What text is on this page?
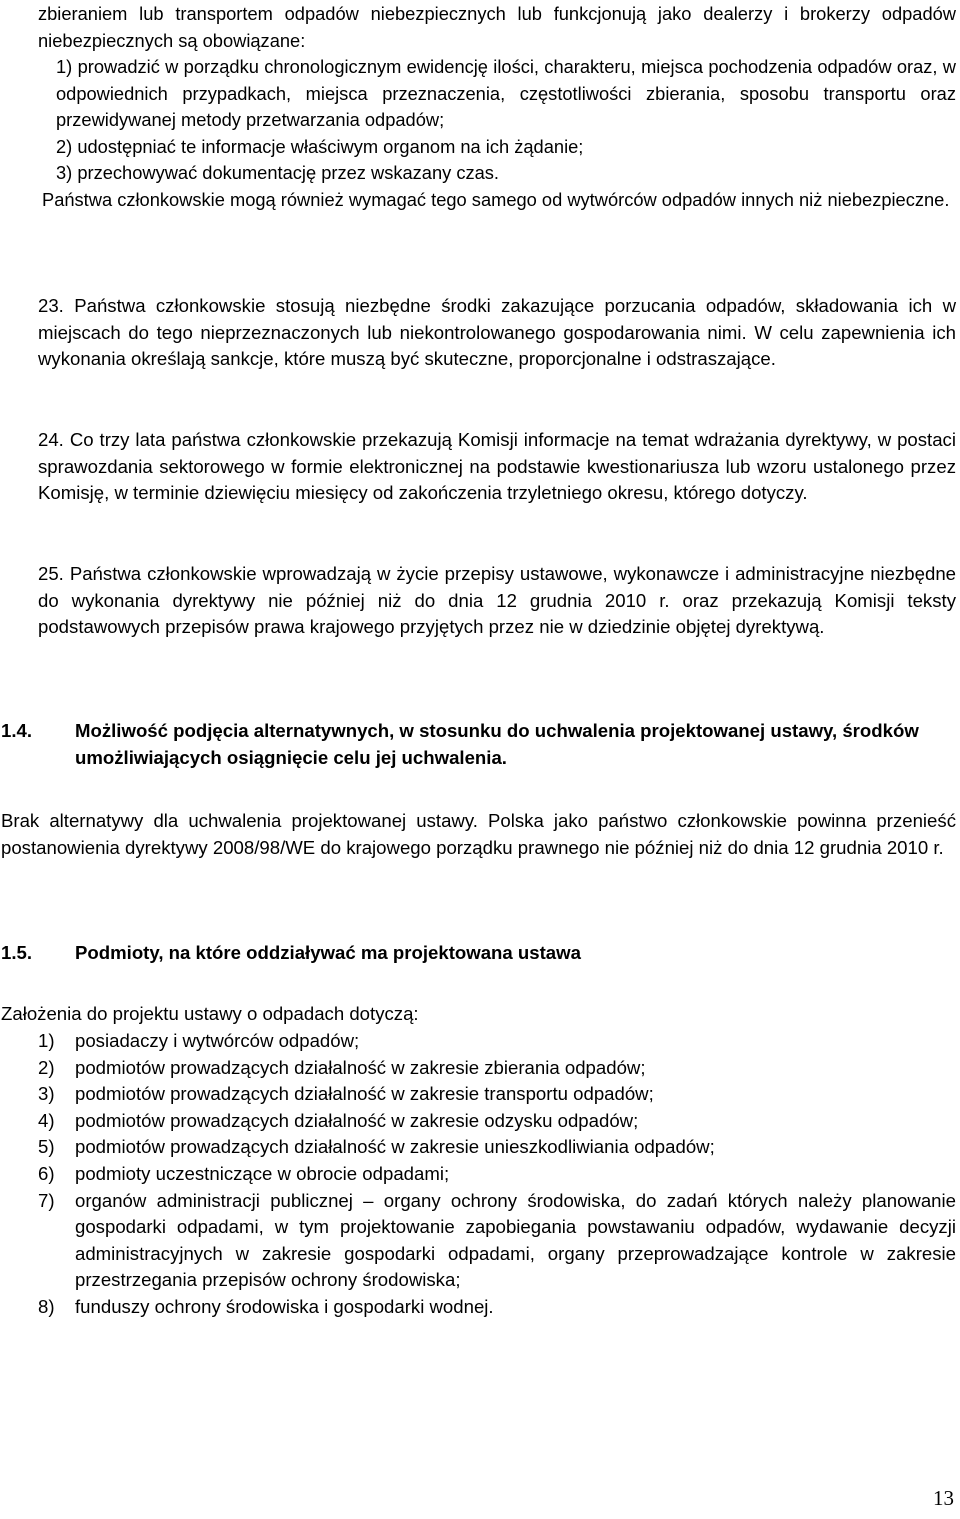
zbieraniem lub transportem odpadów niebezpiecznych lub funkcjonują jako dealerzy i brokerzy odpadów niebezpiecznych są obowiązane:

1) prowadzić w porządku chronologicznym ewidencję ilości, charakteru, miejsca pochodzenia odpadów oraz, w odpowiednich przypadkach, miejsca przeznaczenia, częstotliwości zbierania, sposobu transportu oraz przewidywanej metody przetwarzania odpadów;

2) udostępniać te informacje właściwym organom na ich żądanie;

3) przechowywać dokumentację przez wskazany czas.

Państwa członkowskie mogą również wymagać tego samego od wytwórców odpadów innych niż niebezpieczne.

23. Państwa członkowskie stosują niezbędne środki zakazujące porzucania odpadów, składowania ich w miejscach do tego nieprzeznaczonych lub niekontrolowanego gospodarowania nimi. W celu zapewnienia ich wykonania określają sankcje, które muszą być skuteczne, proporcjonalne i odstraszające.

24. Co trzy lata państwa członkowskie przekazują Komisji informacje na temat wdrażania dyrektywy, w postaci sprawozdania sektorowego w formie elektronicznej na podstawie kwestionariusza lub wzoru ustalonego przez Komisję, w terminie dziewięciu miesięcy od zakończenia trzyletniego okresu, którego dotyczy.

25. Państwa członkowskie wprowadzają w życie przepisy ustawowe, wykonawcze i administracyjne niezbędne do wykonania dyrektywy nie później niż do dnia 12 grudnia 2010 r. oraz przekazują Komisji teksty podstawowych przepisów prawa krajowego przyjętych przez nie w dziedzinie objętej dyrektywą.

1.4. Możliwość podjęcia alternatywnych, w stosunku do uchwalenia projektowanej ustawy, środków umożliwiających osiągnięcie celu jej uchwalenia.

Brak alternatywy dla uchwalenia projektowanej ustawy. Polska jako państwo członkowskie powinna przenieść postanowienia dyrektywy 2008/98/WE do krajowego porządku prawnego nie później niż do dnia 12 grudnia 2010 r.

1.5. Podmioty, na które oddziaływać ma projektowana ustawa

Założenia do projektu ustawy o odpadach dotyczą:

1) posiadaczy i wytwórców odpadów;
2) podmiotów prowadzących działalność w zakresie zbierania odpadów;
3) podmiotów prowadzących działalność w zakresie transportu odpadów;
4) podmiotów prowadzących działalność w zakresie odzysku odpadów;
5) podmiotów prowadzących działalność w zakresie unieszkodliwiania odpadów;
6) podmioty uczestniczące w obrocie odpadami;
7) organów administracji publicznej – organy ochrony środowiska, do zadań których należy planowanie gospodarki odpadami, w tym projektowanie zapobiegania powstawaniu odpadów, wydawanie decyzji administracyjnych w zakresie gospodarki odpadami, organy przeprowadzające kontrole w zakresie przestrzegania przepisów ochrony środowiska;
8) funduszy ochrony środowiska i gospodarki wodnej.
13
